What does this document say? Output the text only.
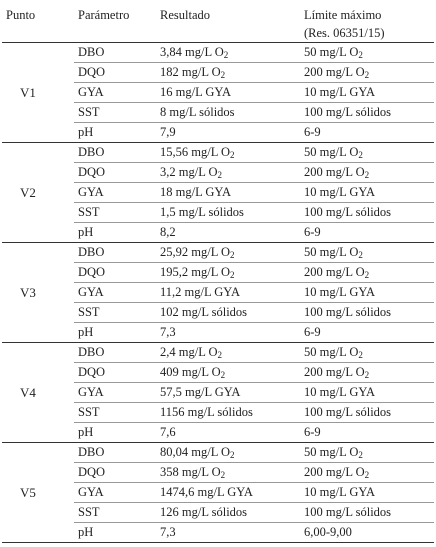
Punto	Parámetro	Resultado	Límite máximo
(Res. 06351/15)

V1	DBO	3,84 mg/L $O_2$	50 mg/L $O_2$
	DQO	182 mg/L $O_2$	200 mg/L $O_2$
	GYA	16 mg/L GYA	10 mg/L GYA
	SST	8 mg/L sólidos	100 mg/L sólidos
	pH	7,9	6-9
V2	DBO	15,56 mg/L $O_2$	50 mg/L $O_2$
	DQO	3,2 mg/L $O_2$	200 mg/L $O_2$
	GYA	18 mg/L GYA	10 mg/L GYA
	SST	1,5 mg/L sólidos	100 mg/L sólidos
	pH	8,2	6-9
V3	DBO	25,92 mg/L $O_2$	50 mg/L $O_2$
	DQO	195,2 mg/L $O_2$	200 mg/L $O_2$
	GYA	11,2 mg/L GYA	10 mg/L GYA
	SST	102 mg/L sólidos	100 mg/L sólidos
	pH	7,3	6-9
V4	DBO	2,4 mg/L $O_2$	50 mg/L $O_2$
	DQO	409 mg/L $O_2$	200 mg/L $O_2$
	GYA	57,5 mg/L GYA	10 mg/L GYA
	SST	1156 mg/L sólidos	100 mg/L sólidos
	pH	7,6	6-9
V5	DBO	80,04 mg/L $O_2$	50 mg/L $O_2$
	DQO	358 mg/L $O_2$	200 mg/L $O_2$
	GYA	1474,6 mg/L GYA	10 mg/L GYA
	SST	126 mg/L sólidos	100 mg/L sólidos
	pH	7,3	6,00-9,00
